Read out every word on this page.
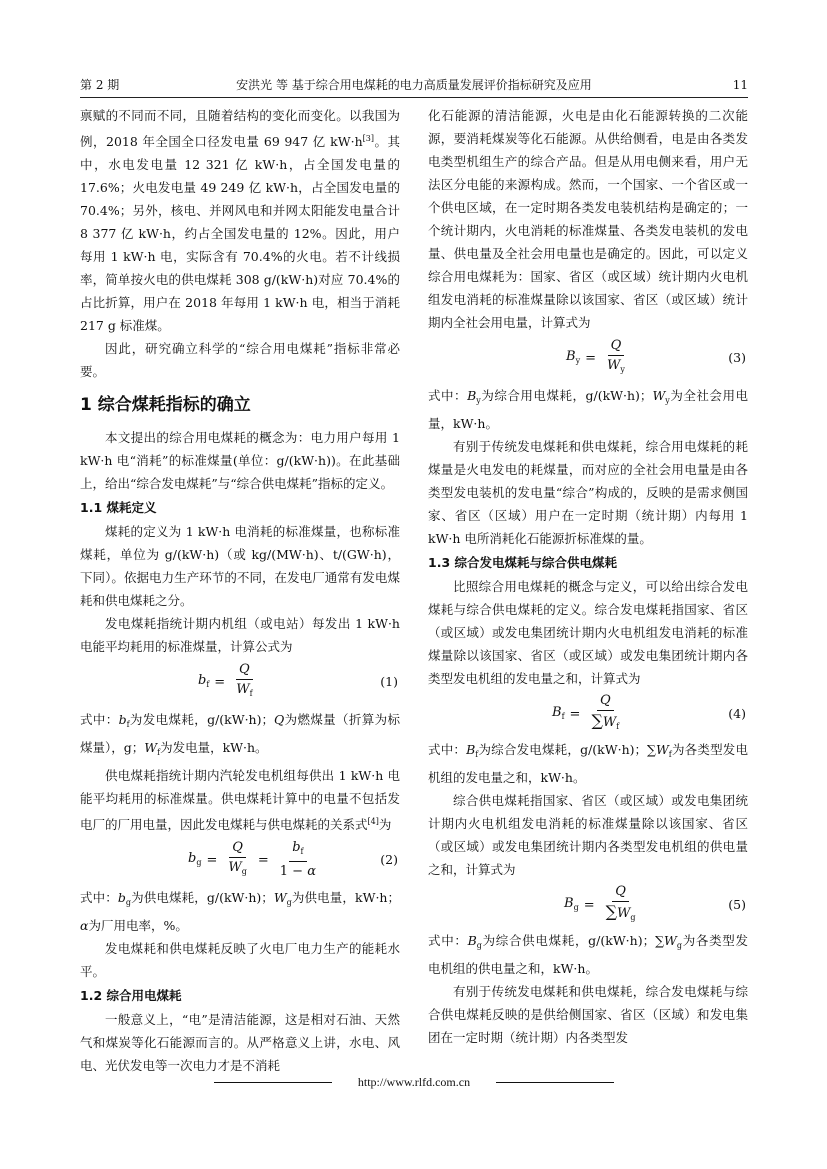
第 2 期	安洪光 等 基于综合用电煤耗的电力高质量发展评价指标研究及应用	11

禀赋的不同而不同，且随着结构的变化而变化。以我国为例，2018 年全国全口径发电量 69 947 亿 kW·h[3]。其中，水电发电量 12 321 亿 kW·h，占全国发电量的 17.6%；火电发电量 49 249 亿 kW·h，占全国发电量的 70.4%；另外，核电、并网风电和并网太阳能发电量合计 8 377 亿 kW·h，约占全国发电量的 12%。因此，用户每用 1 kW·h 电，实际含有 70.4%的火电。若不计线损率，简单按火电的供电煤耗 308 g/(kW·h)对应 70.4%的占比折算，用户在 2018 年每用 1 kW·h 电，相当于消耗 217 g 标准煤。

因此，研究确立科学的“综合用电煤耗”指标非常必要。

1 综合煤耗指标的确立

本文提出的综合用电煤耗的概念为：电力用户每用 1 kW·h 电“消耗”的标准煤量(单位：g/(kW·h))。在此基础上，给出“综合发电煤耗”与“综合供电煤耗”指标的定义。

1.1 煤耗定义

煤耗的定义为 1 kW·h 电消耗的标准煤量，也称标准煤耗，单位为 g/(kW·h)（或 kg/(MW·h)、t/(GW·h)，下同）。依据电力生产环节的不同，在发电厂通常有发电煤耗和供电煤耗之分。

发电煤耗指统计期内机组（或电站）每发出 1 kW·h 电能平均耗用的标准煤量，计算公式为

$b_f = \frac{Q}{W_f}$	(1)

式中：$b_f$为发电煤耗，g/(kW·h)；Q为燃煤量（折算为标煤量），g；$W_f$为发电量，kW·h。

供电煤耗指统计期内汽轮发电机组每供出 1 kW·h 电能平均耗用的标准煤量。供电煤耗计算中的电量不包括发电厂的厂用电量，因此发电煤耗与供电煤耗的关系式[4]为

$b_g = \frac{Q}{W_g} = \frac{b_f}{1 - \alpha}$	(2)

式中：$b_g$为供电煤耗，g/(kW·h)；$W_g$为供电量，kW·h；α为厂用电率，%。

发电煤耗和供电煤耗反映了火电厂电力生产的能耗水平。

1.2 综合用电煤耗

一般意义上，“电”是清洁能源，这是相对石油、天然气和煤炭等化石能源而言的。从严格意义上讲，水电、风电、光伏发电等一次电力才是不消耗

化石能源的清洁能源，火电是由化石能源转换的二次能源，要消耗煤炭等化石能源。从供给侧看，电是由各类发电类型机组生产的综合产品。但是从用电侧来看，用户无法区分电能的来源构成。然而，一个国家、一个省区或一个供电区域，在一定时期各类发电装机结构是确定的；一个统计期内，火电消耗的标准煤量、各类发电装机的发电量、供电量及全社会用电量也是确定的。因此，可以定义综合用电煤耗为：国家、省区（或区域）统计期内火电机组发电消耗的标准煤量除以该国家、省区（或区域）统计期内全社会用电量，计算式为

$B_y = \frac{Q}{W_y}$	(3)

式中：$B_y$为综合用电煤耗，g/(kW·h)；$W_y$为全社会用电量，kW·h。

有别于传统发电煤耗和供电煤耗，综合用电煤耗的耗煤量是火电发电的耗煤量，而对应的全社会用电量是由各类型发电装机的发电量“综合”构成的，反映的是需求侧国家、省区（区域）用户在一定时期（统计期）内每用 1 kW·h 电所消耗化石能源折标准煤的量。

1.3 综合发电煤耗与综合供电煤耗

比照综合用电煤耗的概念与定义，可以给出综合发电煤耗与综合供电煤耗的定义。综合发电煤耗指国家、省区（或区域）或发电集团统计期内火电机组发电消耗的标准煤量除以该国家、省区（或区域）或发电集团统计期内各类型发电机组的发电量之和，计算式为

$B_f = \frac{Q}{\sum W_f}$	(4)

式中：$B_f$为综合发电煤耗，g/(kW·h)；$\sum W_f$为各类型发电机组的发电量之和，kW·h。

综合供电煤耗指国家、省区（或区域）或发电集团统计期内火电机组发电消耗的标准煤量除以该国家、省区（或区域）或发电集团统计期内各类型发电机组的供电量之和，计算式为

$B_g = \frac{Q}{\sum W_g}$	(5)

式中：$B_g$为综合供电煤耗，g/(kW·h)；$\sum W_g$为各类型发电机组的供电量之和，kW·h。

有别于传统发电煤耗和供电煤耗，综合发电煤耗与综合供电煤耗反映的是供给侧国家、省区（区域）和发电集团在一定时期（统计期）内各类型发

http://www.rlfd.com.cn
